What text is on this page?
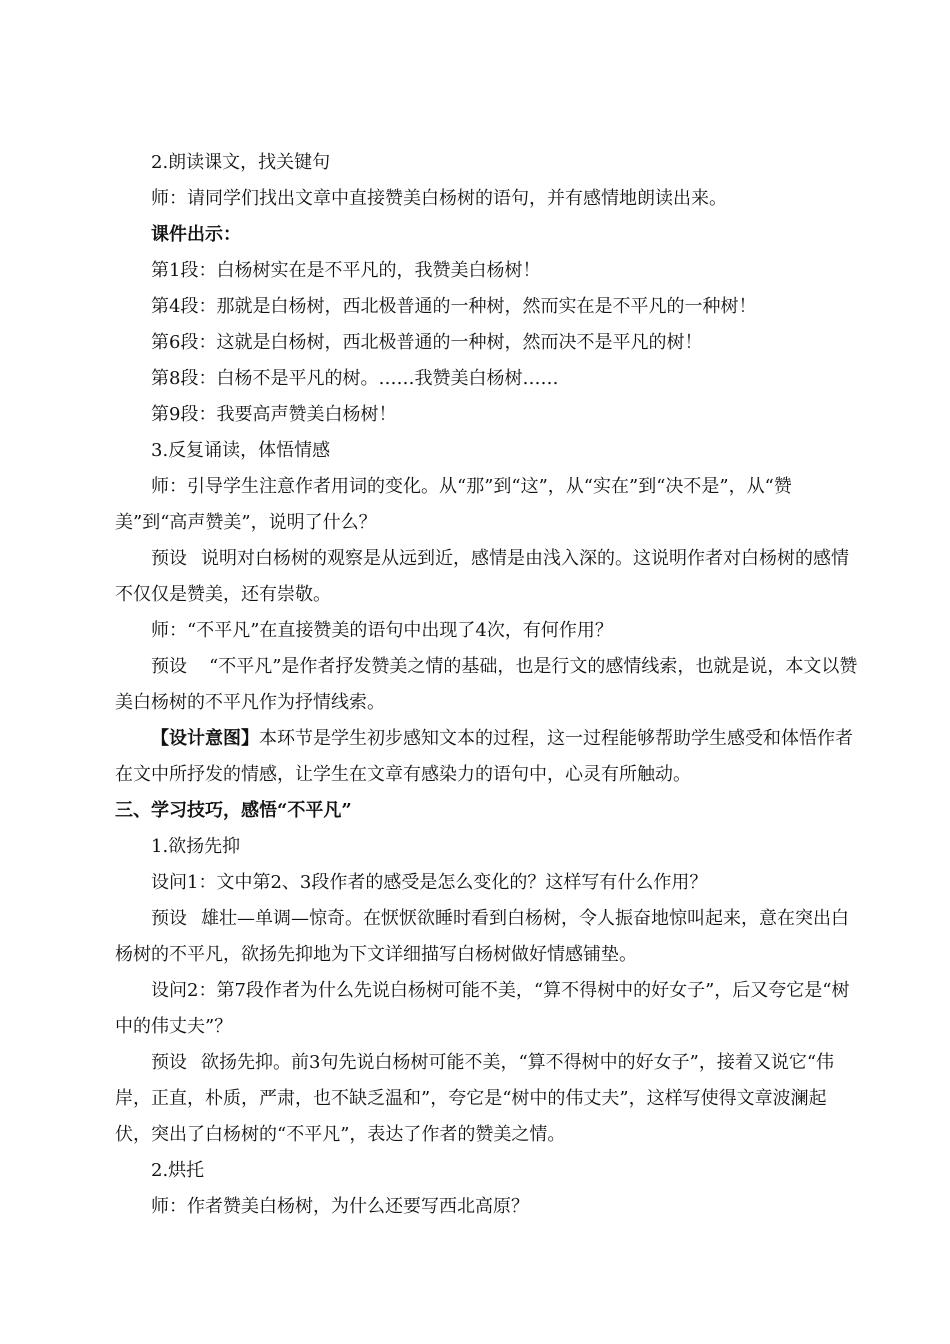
2.朗读课文，找关键句

师：请同学们找出文章中直接赞美白杨树的语句，并有感情地朗读出来。

课件出示：

第1段：白杨树实在是不平凡的，我赞美白杨树！

第4段：那就是白杨树，西北极普通的一种树，然而实在是不平凡的一种树！

第6段：这就是白杨树，西北极普通的一种树，然而决不是平凡的树！

第8段：白杨不是平凡的树。……我赞美白杨树……

第9段：我要高声赞美白杨树！

3.反复诵读，体悟情感

师：引导学生注意作者用词的变化。从“那”到“这”，从“实在”到“决不是”，从“赞美”到“高声赞美”，说明了什么？

预设 说明对白杨树的观察是从远到近，感情是由浅入深的。这说明作者对白杨树的感情不仅仅是赞美，还有崇敬。

师：“不平凡”在直接赞美的语句中出现了4次，有何作用？

预设 “不平凡”是作者抒发赞美之情的基础，也是行文的感情线索，也就是说，本文以赞美白杨树的不平凡作为抒情线索。

【设计意图】本环节是学生初步感知文本的过程，这一过程能够帮助学生感受和体悟作者在文中所抒发的情感，让学生在文章有感染力的语句中，心灵有所触动。

三、学习技巧，感悟“不平凡”

1.欲扬先抑

设问1：文中第2、3段作者的感受是怎么变化的？这样写有什么作用？

预设 雄壮—单调—惊奇。在恹恹欲睡时看到白杨树，令人振奋地惊叫起来，意在突出白杨树的不平凡，欲扬先抑地为下文详细描写白杨树做好情感铺垫。

设问2：第7段作者为什么先说白杨树可能不美，“算不得树中的好女子”，后又夸它是“树中的伟丈夫”？

预设 欲扬先抑。前3句先说白杨树可能不美，“算不得树中的好女子”，接着又说它“伟岸，正直，朴质，严肃，也不缺乏温和”，夸它是“树中的伟丈夫”，这样写使得文章波澜起伏，突出了白杨树的“不平凡”，表达了作者的赞美之情。

2.烘托

师：作者赞美白杨树，为什么还要写西北高原？
